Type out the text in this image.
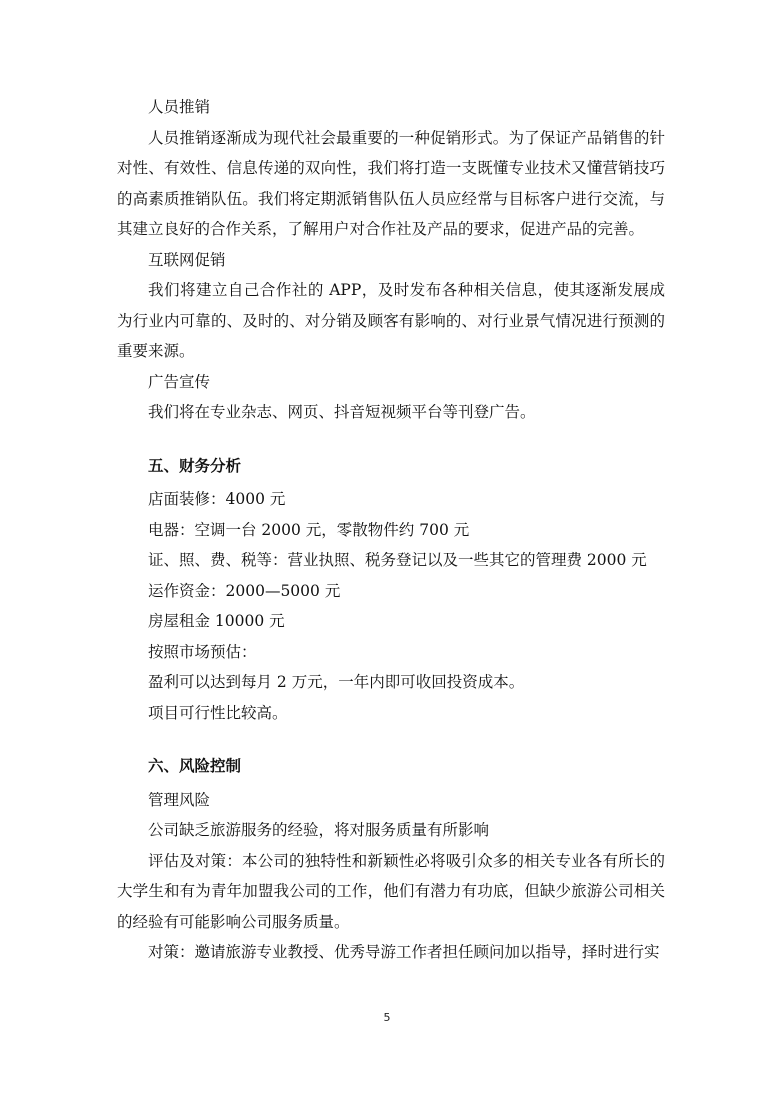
人员推销

人员推销逐渐成为现代社会最重要的一种促销形式。为了保证产品销售的针对性、有效性、信息传递的双向性，我们将打造一支既懂专业技术又懂营销技巧的高素质推销队伍。我们将定期派销售队伍人员应经常与目标客户进行交流，与其建立良好的合作关系，了解用户对合作社及产品的要求，促进产品的完善。

互联网促销

我们将建立自己合作社的 APP，及时发布各种相关信息，使其逐渐发展成为行业内可靠的、及时的、对分销及顾客有影响的、对行业景气情况进行预测的重要来源。

广告宣传

我们将在专业杂志、网页、抖音短视频平台等刊登广告。

五、财务分析

店面装修：4000 元

电器：空调一台 2000 元，零散物件约 700 元

证、照、费、税等：营业执照、税务登记以及一些其它的管理费 2000 元

运作资金：2000—5000 元

房屋租金 10000 元

按照市场预估：

盈利可以达到每月 2 万元，一年内即可收回投资成本。

项目可行性比较高。

六、风险控制

管理风险

公司缺乏旅游服务的经验，将对服务质量有所影响

评估及对策：本公司的独特性和新颖性必将吸引众多的相关专业各有所长的大学生和有为青年加盟我公司的工作，他们有潜力有功底，但缺少旅游公司相关的经验有可能影响公司服务质量。

对策：邀请旅游专业教授、优秀导游工作者担任顾问加以指导，择时进行实

5
